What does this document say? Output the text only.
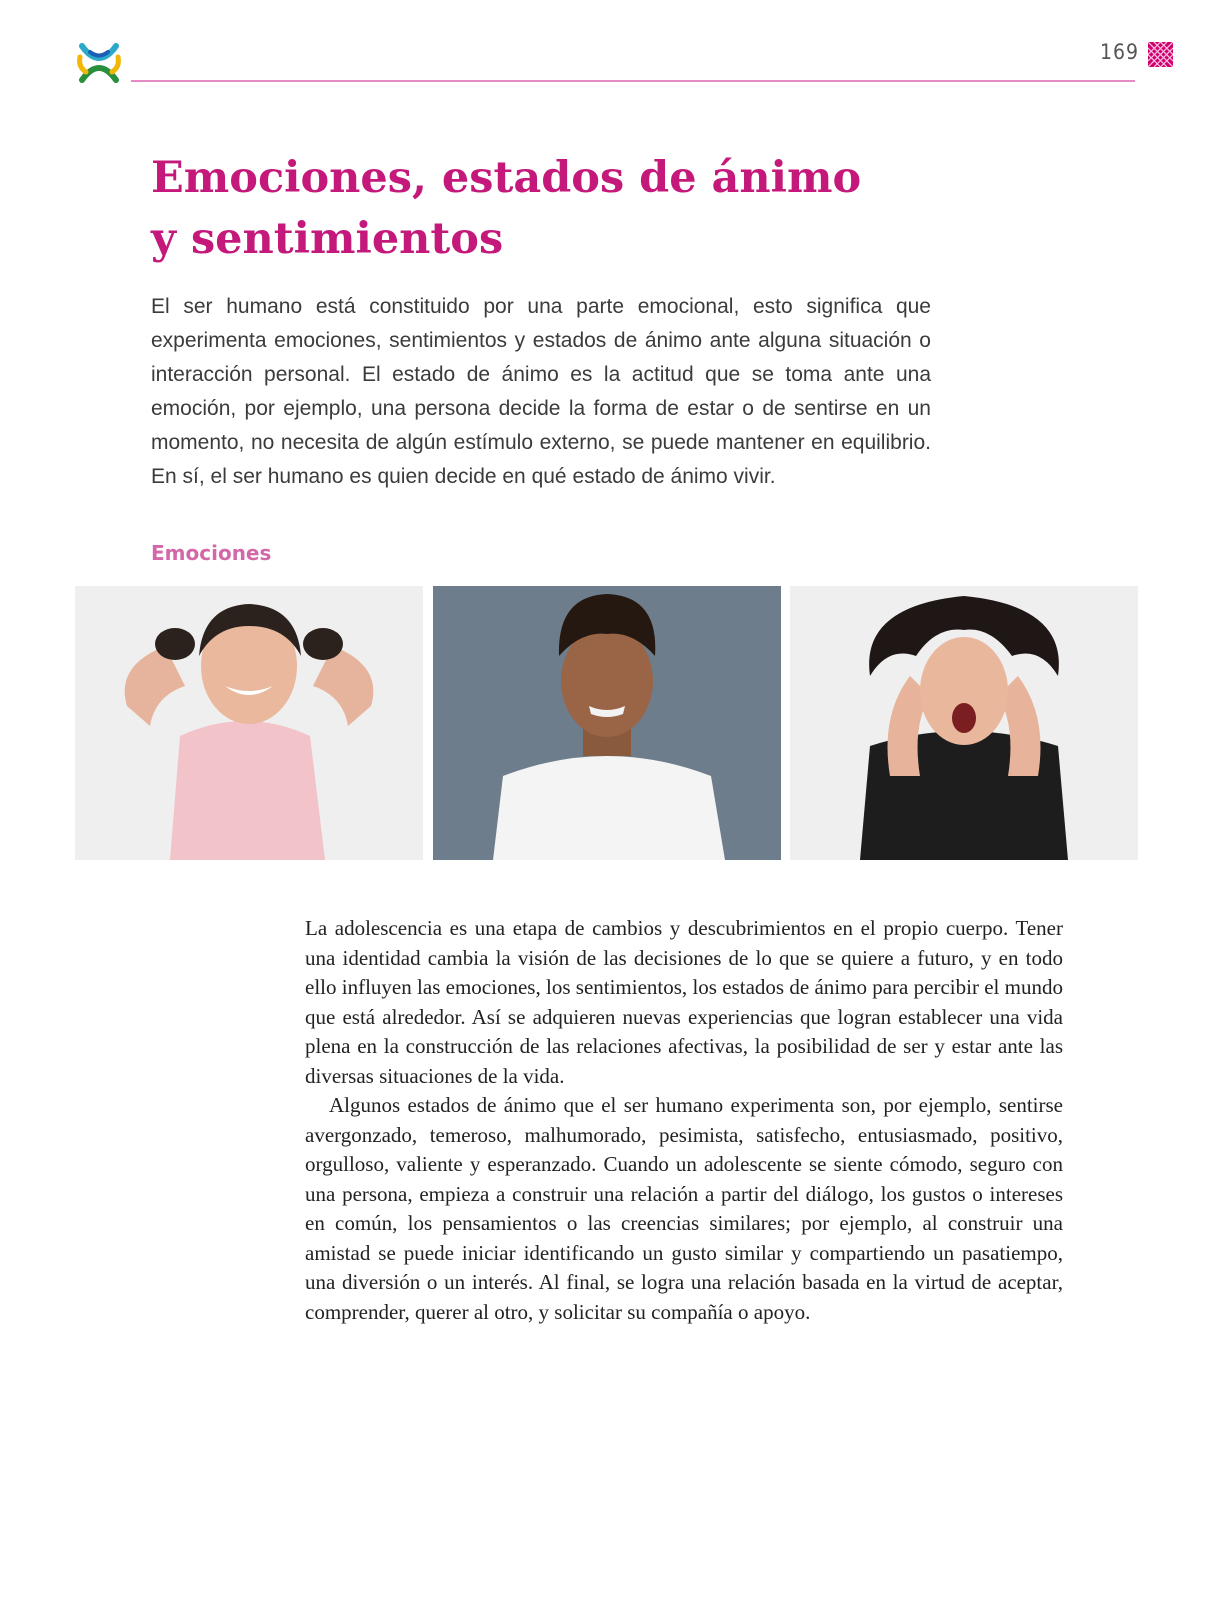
169
Emociones, estados de ánimo
y sentimientos

El ser humano está constituido por una parte emocional, esto significa que experimenta emociones, sentimientos y estados de ánimo ante alguna situación o interacción personal. El estado de ánimo es la actitud que se toma ante una emoción, por ejemplo, una persona decide la forma de estar o de sentirse en un momento, no necesita de algún estímulo externo, se puede mantener en equilibrio. En sí, el ser humano es quien decide en qué estado de ánimo vivir.

Emociones

La adolescencia es una etapa de cambios y descubrimientos en el propio cuerpo. Tener una identidad cambia la visión de las decisiones de lo que se quiere a futuro, y en todo ello influyen las emociones, los sentimientos, los estados de ánimo para percibir el mundo que está alrededor. Así se adquieren nuevas experiencias que logran establecer una vida plena en la construcción de las relaciones afectivas, la posibilidad de ser y estar ante las diversas situaciones de la vida.

Algunos estados de ánimo que el ser humano experimenta son, por ejemplo, sentirse avergonzado, temeroso, malhumorado, pesimista, satisfecho, entusiasmado, positivo, orgulloso, valiente y esperanzado. Cuando un adolescente se siente cómodo, seguro con una persona, empieza a construir una relación a partir del diálogo, los gustos o intereses en común, los pensamientos o las creencias similares; por ejemplo, al construir una amistad se puede iniciar identificando un gusto similar y compartiendo un pasatiempo, una diversión o un interés. Al final, se logra una relación basada en la virtud de aceptar, comprender, querer al otro, y solicitar su compañía o apoyo.
